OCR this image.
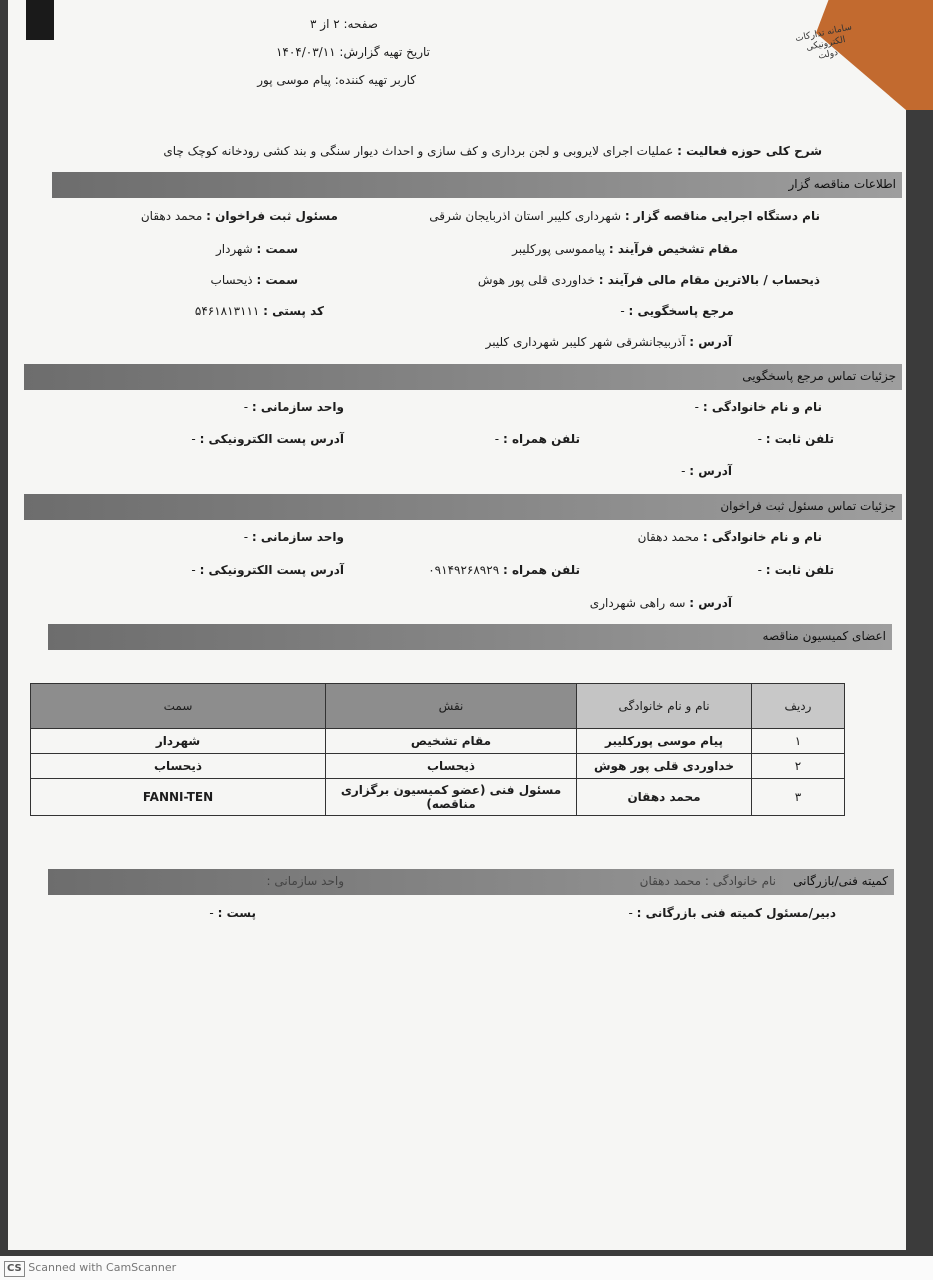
سامانه تدارکات الکترونیکی دولت
صفحه: ۲ از ۳
تاریخ تهیه گزارش: ۱۴۰۴/۰۳/۱۱
کاربر تهیه کننده: پیام موسی پور
شرح کلی حوزه فعالیت : عملیات اجرای لایروبی و لجن برداری و کف سازی و احداث دیوار سنگی و بند کشی رودخانه کوچک چای
اطلاعات مناقصه گزار
نام دستگاه اجرایی مناقصه گزار : شهرداری کلیبر استان اذربایجان شرقی
مسئول ثبت فراخوان : محمد دهقان
مقام تشخیص فرآیند : پیامموسی پورکلیبر
سمت : شهردار
ذیحساب / بالاترین مقام مالی فرآیند : خداوردی قلی پور هوش
سمت : ذیحساب
مرجع پاسخگویی : -
کد پستی : ۵۴۶۱۸۱۳۱۱۱
آدرس : آذربیجانشرقی شهر کلیبر شهرداری کلیبر
جزئیات تماس مرجع پاسخگویی
نام و نام خانوادگی : -
واحد سازمانی : -
تلفن ثابت : -
تلفن همراه : -
آدرس پست الکترونیکی : -
آدرس : -
جزئیات تماس مسئول ثبت فراخوان
نام و نام خانوادگی : محمد دهقان
واحد سازمانی : -
تلفن ثابت : -
تلفن همراه : ۰۹۱۴۹۲۶۸۹۲۹
آدرس پست الکترونیکی : -
آدرس : سه راهی شهرداری
اعضای کمیسیون مناقصه
کمیته فنی/بازرگانی
نام خانوادگی : محمد دهقان
واحد سازمانی :
دبیر/مسئول کمیته فنی بازرگانی : -
پست : -
ردیف	نام و نام خانوادگی	نقش	سمت
۱	پیام موسی پورکلیبر	مقام تشخیص	شهردار
۲	خداوردی قلی پور هوش	ذیحساب	ذیحساب
۳	محمد دهقان	مسئول فنی (عضو کمیسیون برگزاری مناقصه)	FANNI-TEN
CS Scanned with CamScanner
